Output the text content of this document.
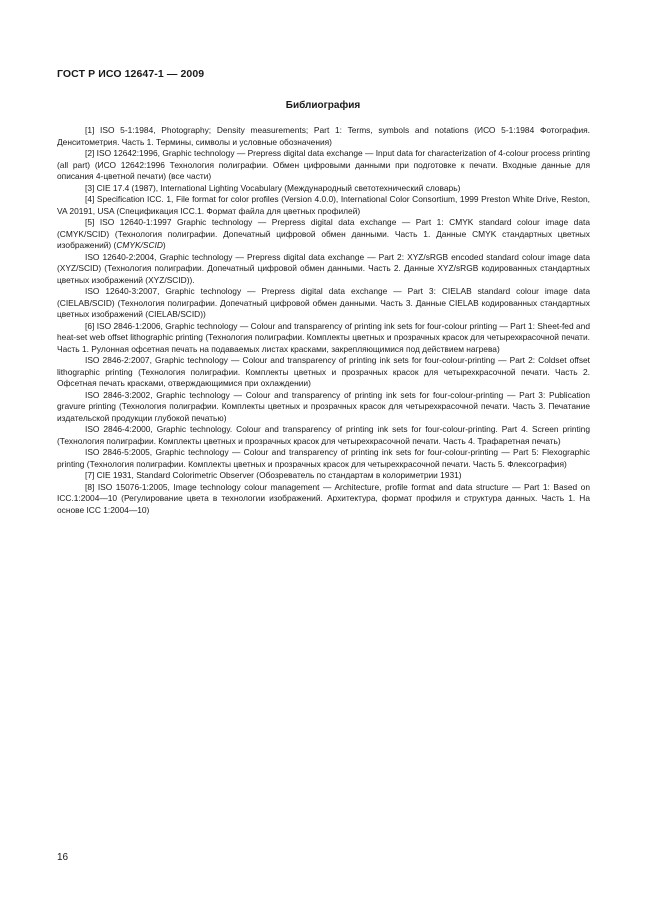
ГОСТ Р ИСО 12647-1 — 2009
Библиография

[1] ISO 5-1:1984, Photography; Density measurements; Part 1: Terms, symbols and notations (ИСО 5-1:1984 Фотография. Денситометрия. Часть 1. Термины, символы и условные обозначения)

[2] ISO 12642:1996, Graphic technology — Prepress digital data exchange — Input data for characterization of 4-colour process printing (all part) (ИСО 12642:1996 Технология полиграфии. Обмен цифровыми данными при подготовке к печати. Входные данные для описания 4-цветной печати) (все части)

[3] CIE 17.4 (1987), International Lighting Vocabulary (Международный светотехнический словарь)

[4] Specification ICC. 1, File format for color profiles (Version 4.0.0), International Color Consortium, 1999 Preston White Drive, Reston, VA 20191, USA (Спецификация ICC.1. Формат файла для цветных профилей)

[5] ISO 12640-1:1997 Graphic technology — Prepress digital data exchange — Part 1: CMYK standard colour image data (CMYK/SCID) (Технология полиграфии. Допечатный цифровой обмен данными. Часть 1. Данные CMYK стандартных цветных изображений) (CMYK/SCID)

ISO 12640-2:2004, Graphic technology — Prepress digital data exchange — Part 2: XYZ/sRGB encoded standard colour image data (XYZ/SCID) (Технология полиграфии. Допечатный цифровой обмен данными. Часть 2. Данные XYZ/sRGB кодированных стандартных цветных изображений (XYZ/SCID)).

ISO 12640-3:2007, Graphic technology — Prepress digital data exchange — Part 3: CIELAB standard colour image data (CIELAB/SCID) (Технология полиграфии. Допечатный цифровой обмен данными. Часть 3. Данные CIELAB кодированных стандартных цветных изображений (CIELAB/SCID))

[6] ISO 2846-1:2006, Graphic technology — Colour and transparency of printing ink sets for four-colour printing — Part 1: Sheet-fed and heat-set web offset lithographic printing (Технология полиграфии. Комплекты цветных и прозрачных красок для четырехкрасочной печати. Часть 1. Рулонная офсетная печать на подаваемых листах красками, закрепляющимися под действием нагрева)

ISO 2846-2:2007, Graphic technology — Colour and transparency of printing ink sets for four-colour-printing — Part 2: Coldset offset lithographic printing (Технология полиграфии. Комплекты цветных и прозрачных красок для четырехкрасочной печати. Часть 2. Офсетная печать красками, отверждающимися при охлаждении)

ISO 2846-3:2002, Graphic technology — Colour and transparency of printing ink sets for four-colour-printing — Part 3: Publication gravure printing (Технология полиграфии. Комплекты цветных и прозрачных красок для четырехкрасочной печати. Часть 3. Печатание издательской продукции глубокой печатью)

ISO 2846-4:2000, Graphic technology. Colour and transparency of printing ink sets for four-colour-printing. Part 4. Screen printing (Технология полиграфии. Комплекты цветных и прозрачных красок для четырехкрасочной печати. Часть 4. Трафаретная печать)

ISO 2846-5:2005, Graphic technology — Colour and transparency of printing ink sets for four-colour-printing — Part 5: Flexographic printing (Технология полиграфии. Комплекты цветных и прозрачных красок для четырехкрасочной печати. Часть 5. Флексография)

[7] CIE 1931, Standard Colorimetric Observer (Обозреватель по стандартам в колориметрии 1931)

[8] ISO 15076-1:2005, Image technology colour management — Architecture, profile format and data structure — Part 1: Based on ICC.1:2004—10 (Регулирование цвета в технологии изображений. Архитектура, формат профиля и структура данных. Часть 1. На основе ICC 1:2004—10)

16
